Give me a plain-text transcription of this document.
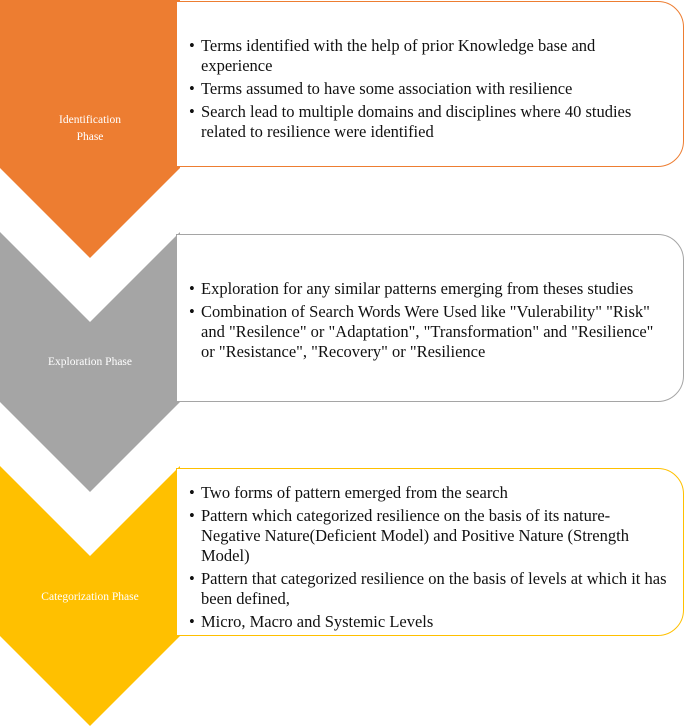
Identification
Phase
• Terms identified with the help of prior Knowledge base and experience
• Terms assumed to have some association with resilience
• Search lead to multiple domains and disciplines where 40 studies related to resilience were identified
Exploration Phase
• Exploration for any similar patterns emerging from theses studies
• Combination of Search Words Were Used like "Vulerability" "Risk" and "Resilence" or "Adaptation", "Transformation" and "Resilience" or "Resistance", "Recovery" or "Resilience
Categorization Phase
• Two forms of pattern emerged from the search
• Pattern which categorized resilience on the basis of its nature- Negative Nature(Deficient Model) and Positive Nature (Strength Model)
• Pattern that categorized resilience on the basis of levels at which it has been defined,
• Micro, Macro and Systemic Levels
